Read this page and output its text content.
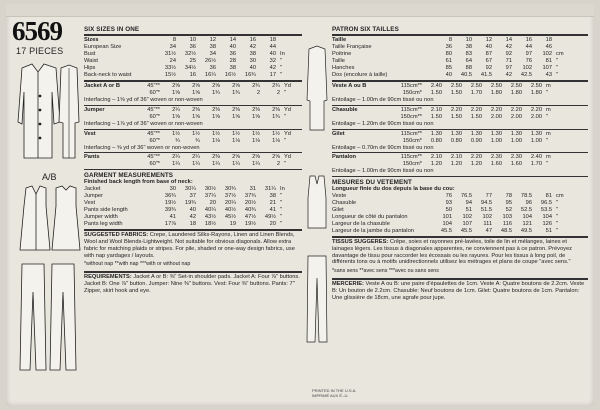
6569
17 PIECES
A/B
SIX SIZES IN ONE
Sizes	8	10	12	14	16	18	
European Size	34	36	38	40	42	44	
Bust	31½	32½	34	36	38	40	In
Waist	24	25	26½	28	30	32	"
Hips	33½	34½	36	38	40	42	"
Back-neck to waist	15½	16	16¼	16½	16¾	17	"
Jacket A or B	45"**	2⅝	2⅝	2⅝	2⅝	2¾	2¾	Yd
	60"*	1⅝	1⅝	1¾	1¾	2	2	"
Interfacing – 1⅝ yd of 36" woven or non-woven
Jumper	45"**	2¼	2⅜	2⅜	2⅜	2⅜	2⅜	Yd
	60"*	1⅝	1⅝	1⅝	1⅝	1⅝	1¾	"
Interfacing – 1⅞ yd of 36" woven or non-woven
Vest	45"**	1½	1½	1½	1½	1½	1½	Yd
	60"*	¾	¾	1⅛	1⅛	1⅛	1⅛	"
Interfacing – ⅝ yd of 36" woven or non-woven
Pants	45"**	2¼	2¼	2⅜	2⅝	2⅝	2⅝	Yd
	60"*	1¼	1¼	1¼	1¼	1¼	2	"
GARMENT MEASUREMENTS
Finished back length from base of neck:
Jacket	30	30¼	30½	30¾	31	31¼	In
Jumper	36¾	37	37¼	37½	37¾	38	"
Vest	19½	19¾	20	20¼	20½	21	"
Pants side length	39¾	40	40¼	40½	40¾	41	"
Jumper width	41	42	43½	45½	47½	49½	"
Pants leg width	17⅞	18	18½	19	19½	20	"
SUGGESTED FABRICS: Crepe, Laundered Silks-Rayons, Linen and Linen Blends, Wool and Wool Blends-Lightweight. Not suitable for obvious diagonals. Allow extra fabric for matching plaids or stripes. For pile, shaded or one-way design fabrics, use with nap yardages / layouts.
*without nap **with nap ***with or without nap
REQUIREMENTS: Jacket A or B: ⅜" Set-in shoulder pads. Jacket A: Four ⅞" buttons. Jacket B: One ⅞" button. Jumper: Nine ⅜" buttons. Vest: Four ⅜" buttons. Pants: 7" Zipper, skirt hook and eye.
PATRON SIX TAILLES
Taille	8	10	12	14	16	18	
Taille Française	36	38	40	42	44	46	
Poitrine	80	83	87	92	97	102	cm
Taille	61	64	67	71	76	81	"
Hanches	85	88	92	97	102	107	"
Dos (encolure à taille)	40	40.5	41.5	42	42.5	43	"
Veste A ou B	115cm**	2.40	2.50	2.50	2.50	2.50	2.50	m
	150cm*	1.50	1.50	1.70	1.80	1.80	1.80	"
Entoilage – 1.00m de 90cm tissé ou non
Chasuble	115cm**	2.10	2.20	2.20	2.20	2.20	2.20	m
	150cm**	1.50	1.50	1.50	2.00	2.00	2.00	"
Entoilage – 1.20m de 90cm tissé ou non
Gilet	115cm**	1.30	1.30	1.30	1.30	1.30	1.30	m
	150cm*	0.80	0.80	0.90	1.00	1.00	1.00	"
Entoilage – 0.70m de 90cm tissé ou non
Pantalon	115cm**	2.10	2.10	2.20	2.30	2.30	2.40	m
	150cm*	1.20	1.20	1.20	1.60	1.60	1.70	"
Entoilage – 1.00m de 90cm tissé ou non
MESURES DU VETEMENT
Longueur finie du dos depuis la base du cou:
Veste	76	76.5	77	78	78.5	81	cm
Chasuble	93	94	94.5	95	96	96.5	"
Gilet	50	51	51.5	52	52.5	53.5	"
Longueur de côté du pantalon	101	102	102	103	104	104	"
Largeur de la chasuble	104	107	111	116	121	126	"
Largeur de la jambe du pantalon	45.5	45.5	47	48.5	49.5	51	"
TISSUS SUGGERES: Crêpe, soies et rayonnes pré-lavées, toile de lin et mélanges, laines et lainages légers. Les tissus à diagonales apparentes, ne conviennent pas à ce patron. Prévoyez davantage de tissu pour raccorder les écossais ou les rayures. Pour les tissus à long poil, de différents tons ou à motifs unidirectionnels utilisez les métrages et plans de coupe "avec sens."
*sans sens **avec sens ***avec ou sans sens
MERCERIE: Veste A ou B: une paire d'épaulettes de 1cm. Veste A: Quatre boutons de 2.2cm. Veste B: Un bouton de 2.2cm. Chasuble: Neuf boutons de 1cm. Gilet: Quatre boutons de 1cm. Pantalon: Une glissière de 18cm, une agrafe pour jupe.
PRINTED IN THE U.S.A.
IMPRIMÉ AUX É.-U.
